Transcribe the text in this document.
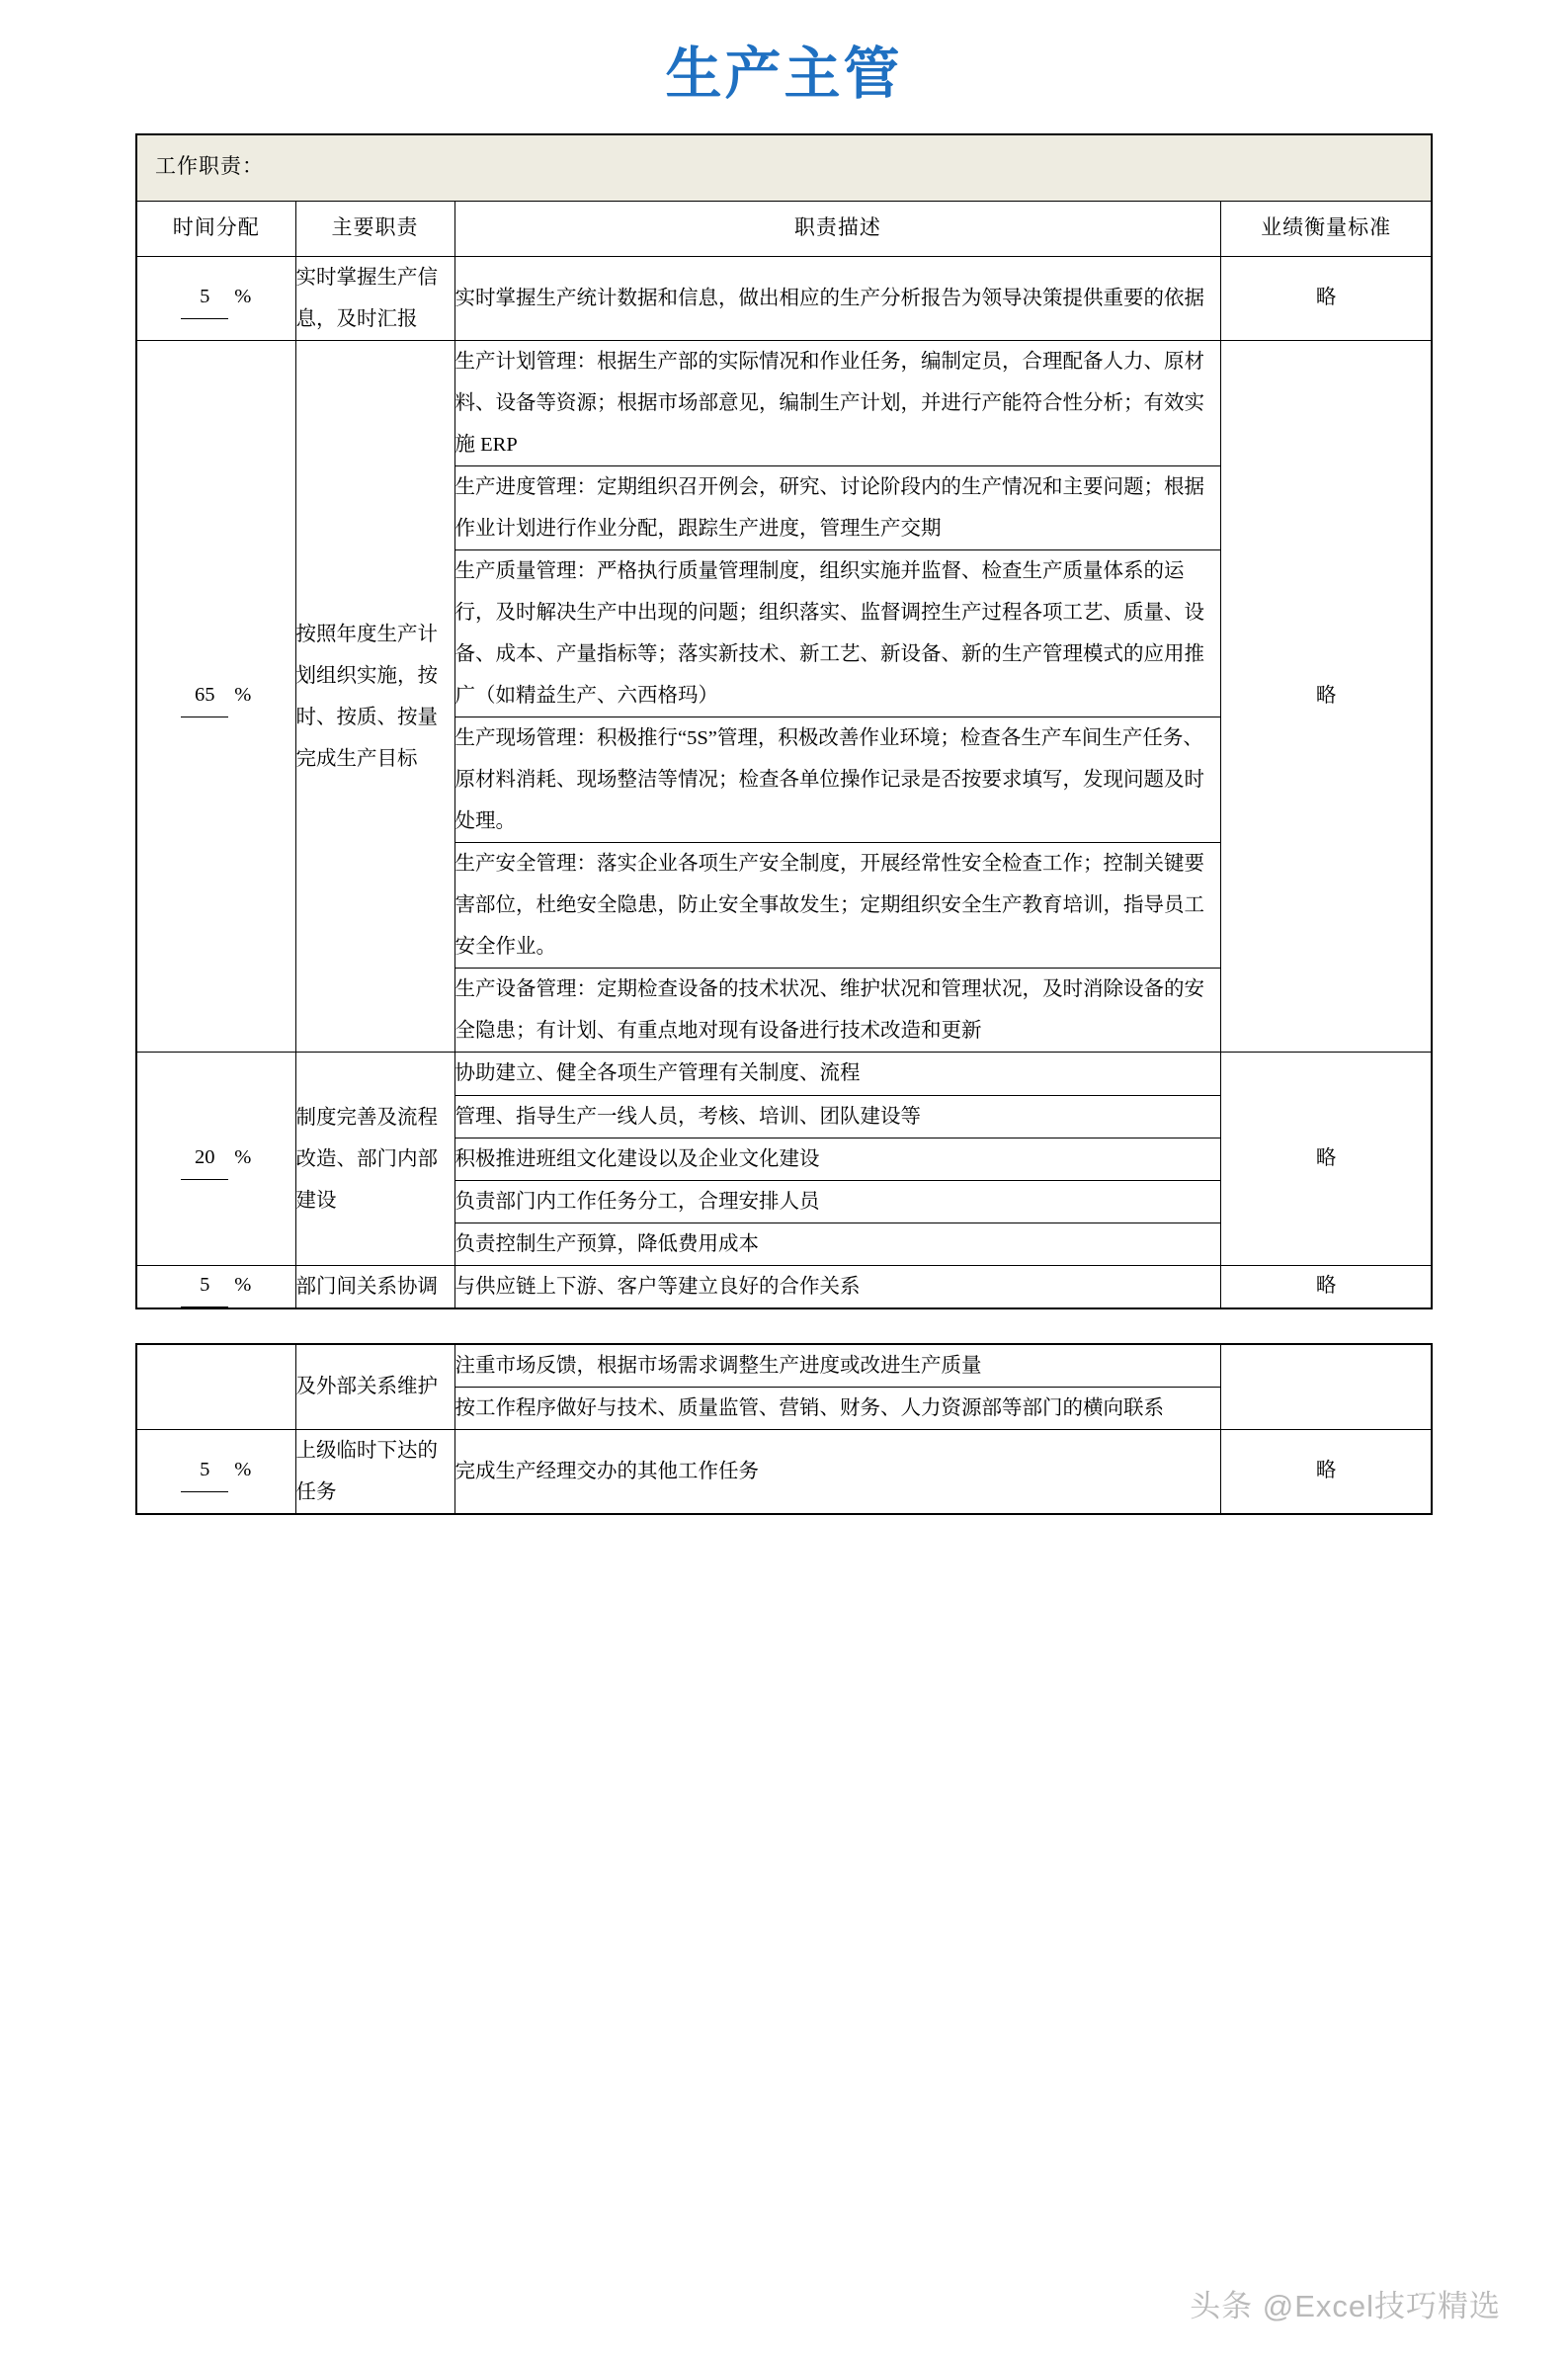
生产主管
工作职责：			
时间分配	主要职责	职责描述	业绩衡量标准
5 %	实时掌握生产信息，及时汇报	实时掌握生产统计数据和信息，做出相应的生产分析报告为领导决策提供重要的依据	略
65 %	按照年度生产计划组织实施，按时、按质、按量完成生产目标	生产计划管理：根据生产部的实际情况和作业任务，编制定员，合理配备人力、原材料、设备等资源；根据市场部意见，编制生产计划，并进行产能符合性分析；有效实施 ERP	略
		生产进度管理：定期组织召开例会，研究、讨论阶段内的生产情况和主要问题；根据作业计划进行作业分配，跟踪生产进度，管理生产交期	
		生产质量管理：严格执行质量管理制度，组织实施并监督、检查生产质量体系的运行，及时解决生产中出现的问题；组织落实、监督调控生产过程各项工艺、质量、设备、成本、产量指标等；落实新技术、新工艺、新设备、新的生产管理模式的应用推广（如精益生产、六西格玛）	
		生产现场管理：积极推行“5S”管理，积极改善作业环境；检查各生产车间生产任务、原材料消耗、现场整洁等情况；检查各单位操作记录是否按要求填写，发现问题及时处理。	
		生产安全管理：落实企业各项生产安全制度，开展经常性安全检查工作；控制关键要害部位，杜绝安全隐患，防止安全事故发生；定期组织安全生产教育培训，指导员工安全作业。	
		生产设备管理：定期检查设备的技术状况、维护状况和管理状况，及时消除设备的安全隐患；有计划、有重点地对现有设备进行技术改造和更新	
20 %	制度完善及流程改造、部门内部建设	协助建立、健全各项生产管理有关制度、流程	略
		管理、指导生产一线人员，考核、培训、团队建设等	
		积极推进班组文化建设以及企业文化建设	
		负责部门内工作任务分工，合理安排人员	
		负责控制生产预算，降低费用成本	
5 %	部门间关系协调	与供应链上下游、客户等建立良好的合作关系	略
	及外部关系维护	注重市场反馈，根据市场需求调整生产进度或改进生产质量	
		按工作程序做好与技术、质量监管、营销、财务、人力资源部等部门的横向联系	
5 %	上级临时下达的任务	完成生产经理交办的其他工作任务	略
头条 @Excel技巧精选
